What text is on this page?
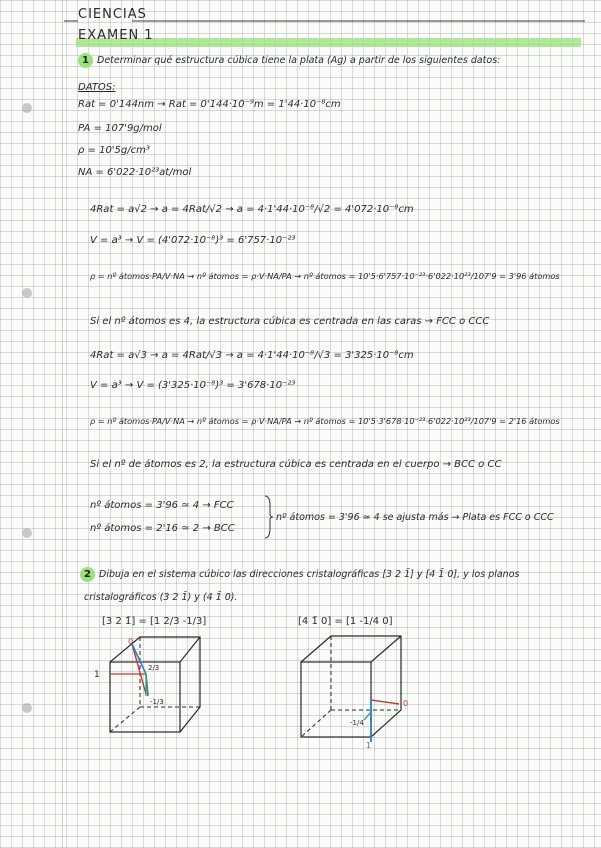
CIENCIAS
EXAMEN 1
1 Determinar qué estructura cúbica tiene la plata (Ag) a partir de los siguientes datos:
DATOS:
Rat = 0'144nm → Rat = 0'144·10⁻⁹m = 1'44·10⁻⁸cm
PA = 107'9g/mol
ρ = 10'5g/cm³
NA = 6'022·10²³at/mol
4Rat = a√2 → a = 4Rat/√2 → a = 4·1'44·10⁻⁸/√2 = 4'072·10⁻⁸cm
V = a³ → V = (4'072·10⁻⁸)³ = 6'757·10⁻²³
ρ = nº átomos·PA/V·NA → nº átomos = ρ·V·NA/PA → nº átomos = 10'5·6'757·10⁻²³·6'022·10²³/107'9 = 3'96 átomos
Si el nº átomos es 4, la estructura cúbica es centrada en las caras → FCC o CCC
4Rat = a√3 → a = 4Rat/√3 → a = 4·1'44·10⁻⁸/√3 = 3'325·10⁻⁸cm
V = a³ → V = (3'325·10⁻⁸)³ = 3'678·10⁻²³
ρ = nº átomos·PA/V·NA → nº átomos = ρ·V·NA/PA → nº átomos = 10'5·3'678·10⁻²³·6'022·10²³/107'9 = 2'16 átomos
Si el nº de átomos es 2, la estructura cúbica es centrada en el cuerpo → BCC o CC
nº átomos = 3'96 ≃ 4 → FCC
nº átomos = 2'16 ≃ 2 → BCC
nº átomos = 3'96 ≃ 4 se ajusta más → Plata es FCC o CCC
2 Dibuja en el sistema cúbico las direcciones cristalográficas [3 2 1̄] y [4 1̄ 0], y los planos
cristalográficos (3 2 1̄) y (4 1̄ 0).
[3 2 1̄] = [1 2/3 -1/3]	[4 1̄ 0] = [1 -1/4 0]
0
1
2/3
-1/3	0
1
-1/4
